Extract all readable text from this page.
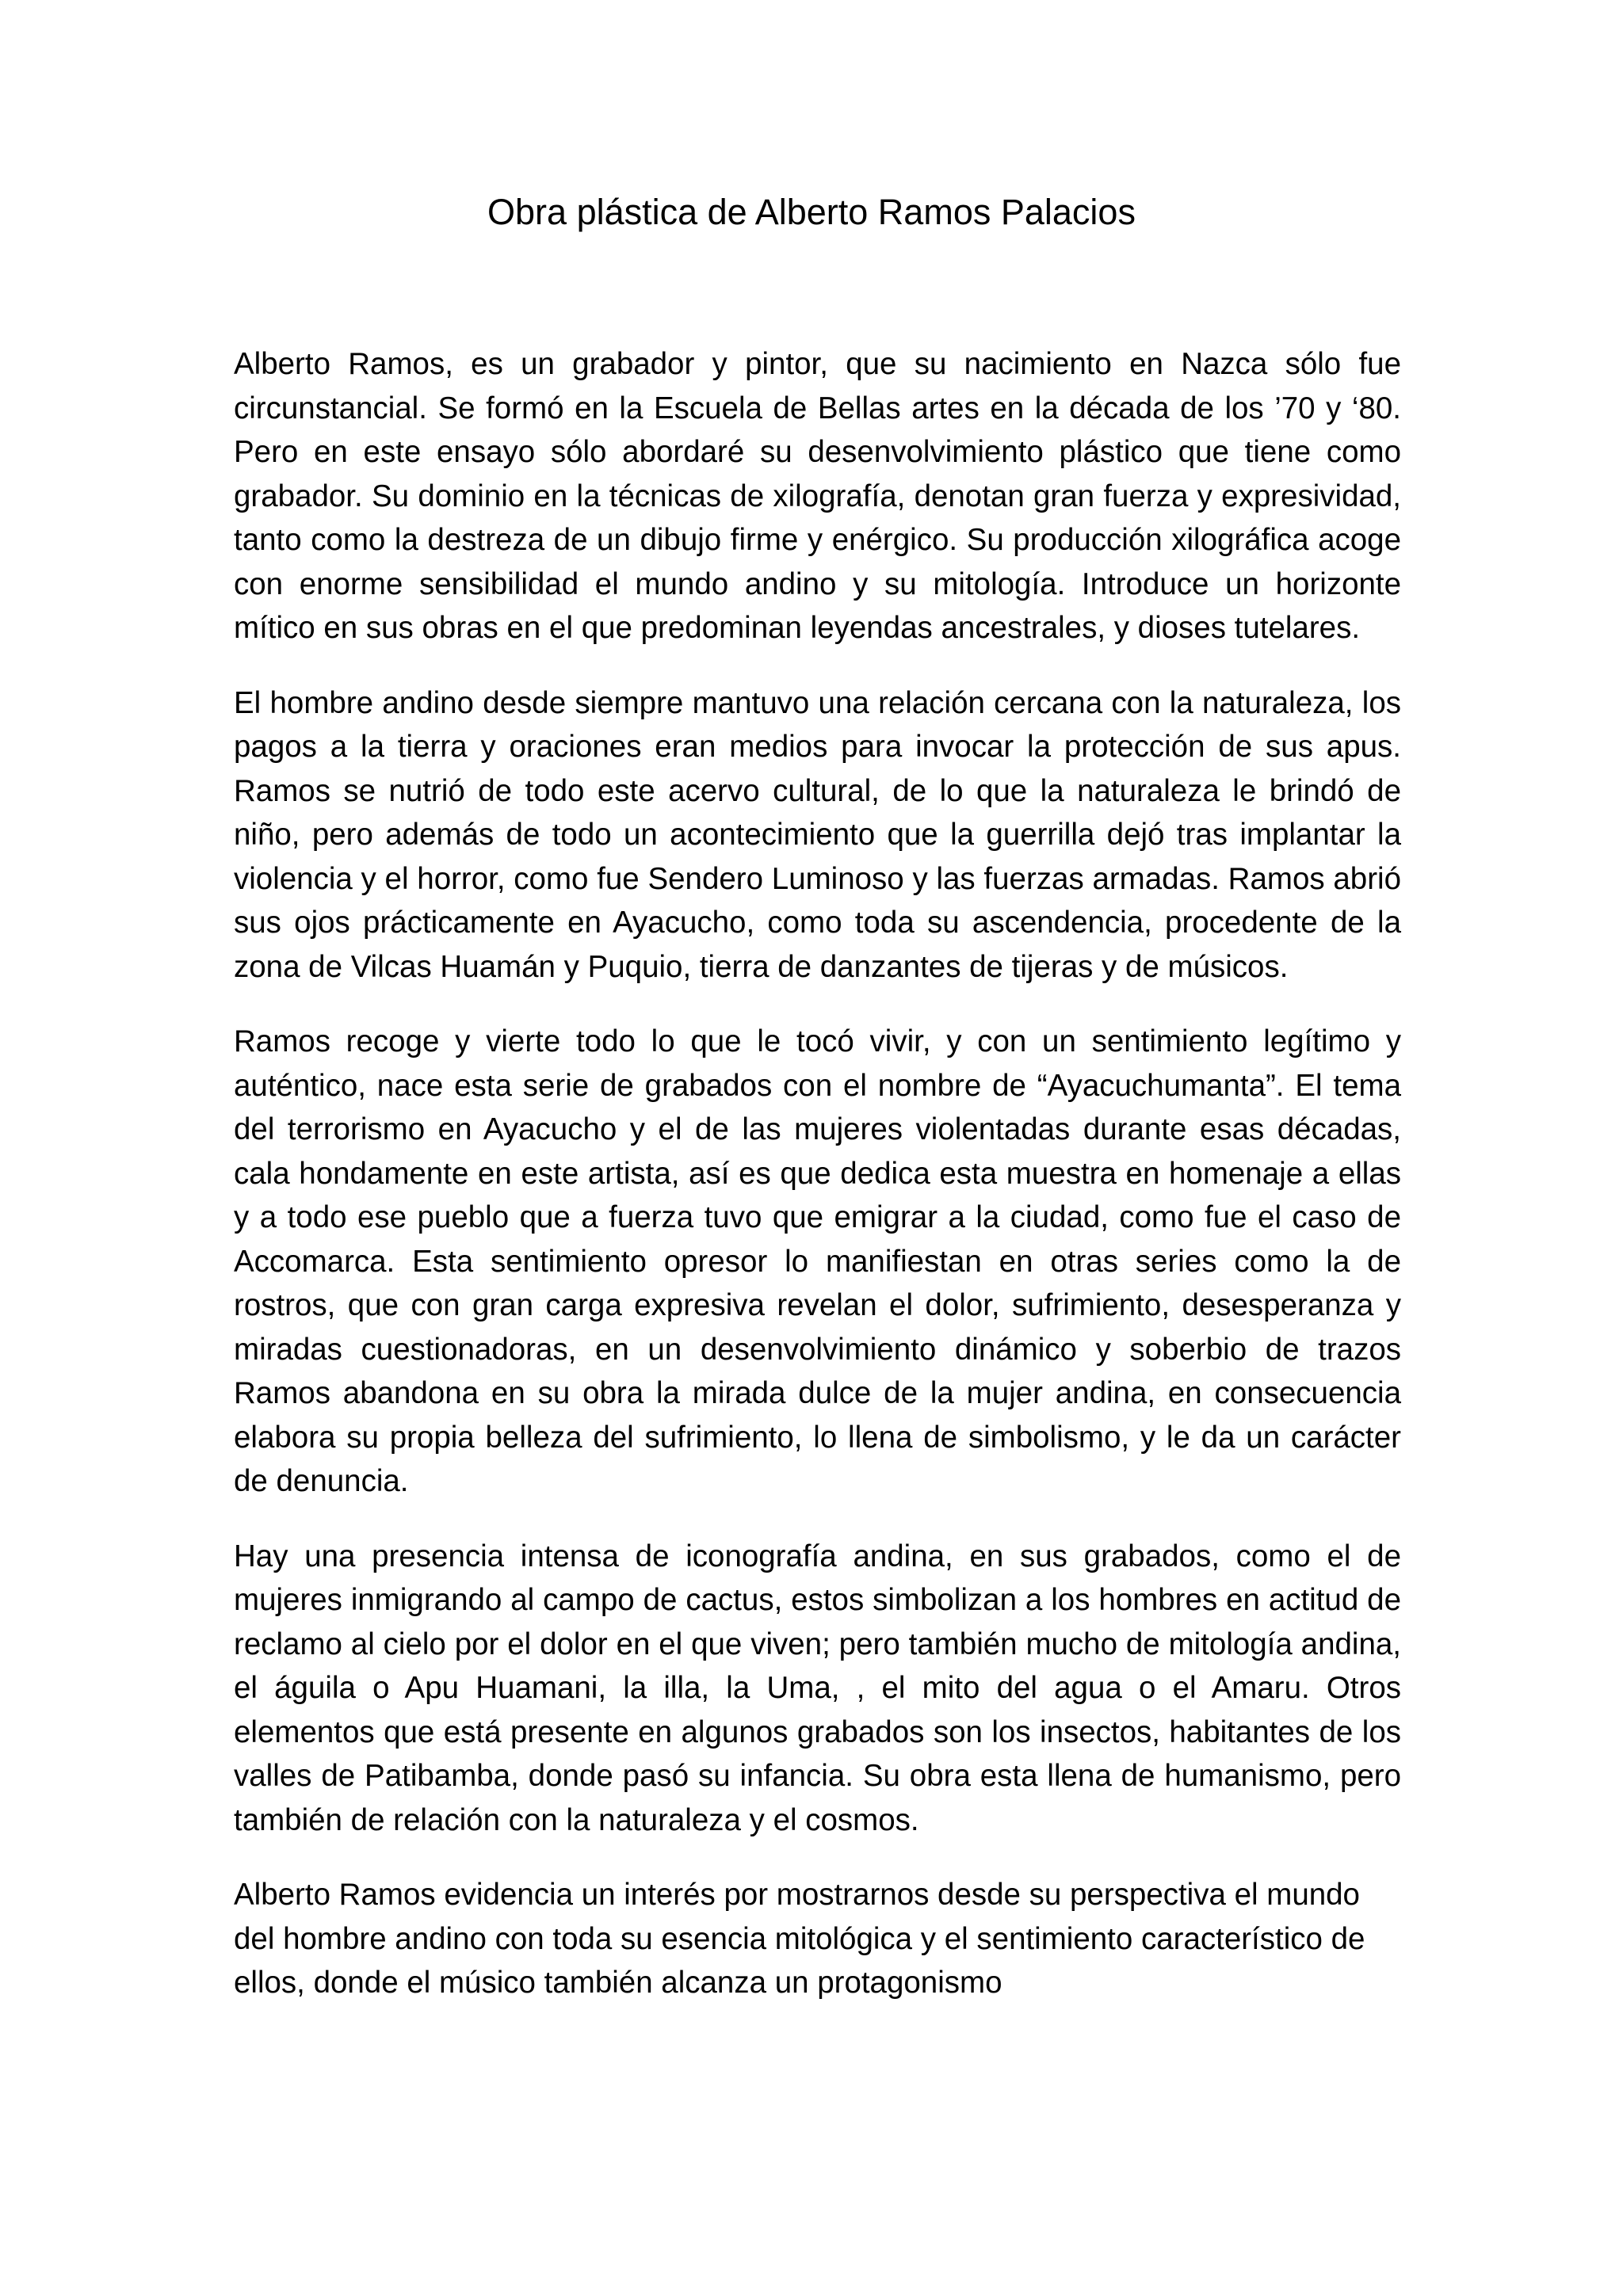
Obra plástica de Alberto Ramos Palacios

Alberto Ramos, es un grabador y pintor, que su nacimiento en Nazca sólo fue circunstancial. Se formó en la Escuela de Bellas artes en la década de los ’70 y ‘80. Pero en este ensayo sólo abordaré su desenvolvimiento plástico que tiene como grabador. Su dominio en la técnicas de xilografía, denotan gran fuerza y expresividad, tanto como la destreza de un dibujo firme y enérgico. Su producción xilográfica acoge con enorme sensibilidad el mundo andino y su mitología. Introduce un horizonte mítico en sus obras en el que predominan leyendas ancestrales, y dioses tutelares.

El hombre andino desde siempre mantuvo una relación cercana con la naturaleza, los pagos a la tierra y oraciones eran medios para invocar la protección de sus apus. Ramos se nutrió de todo este acervo cultural, de lo que la naturaleza le brindó de niño, pero además de todo un acontecimiento que la guerrilla dejó tras implantar la violencia y el horror, como fue Sendero Luminoso y las fuerzas armadas. Ramos abrió sus ojos prácticamente en Ayacucho, como toda su ascendencia, procedente de la zona de Vilcas Huamán y Puquio, tierra de danzantes de tijeras y de músicos.

Ramos recoge y vierte todo lo que le tocó vivir, y con un sentimiento legítimo y auténtico, nace esta serie de grabados con el nombre de “Ayacuchumanta”. El tema del terrorismo en Ayacucho y el de las mujeres violentadas durante esas décadas, cala hondamente en este artista, así es que dedica esta muestra en homenaje a ellas y a todo ese pueblo que a fuerza tuvo que emigrar a la ciudad, como fue el caso de Accomarca. Esta sentimiento opresor lo manifiestan en otras series como la de rostros, que con gran carga expresiva revelan el dolor, sufrimiento, desesperanza y miradas cuestionadoras, en un desenvolvimiento dinámico y soberbio de trazos Ramos abandona en su obra la mirada dulce de la mujer andina, en consecuencia elabora su propia belleza del sufrimiento, lo llena de simbolismo, y le da un carácter de denuncia.

Hay una presencia intensa de iconografía andina, en sus grabados, como el de mujeres inmigrando al campo de cactus, estos simbolizan a los hombres en actitud de reclamo al cielo por el dolor en el que viven; pero también mucho de mitología andina, el águila o Apu Huamani, la illa, la Uma, , el mito del agua o el Amaru. Otros elementos que está presente en algunos grabados son los insectos, habitantes de los valles de Patibamba, donde pasó su infancia. Su obra esta llena de humanismo, pero también de relación con la naturaleza y el cosmos.

Alberto Ramos evidencia un interés por mostrarnos desde su perspectiva el mundo del hombre andino con toda su esencia mitológica y el sentimiento característico de ellos, donde el músico también alcanza un protagonismo
